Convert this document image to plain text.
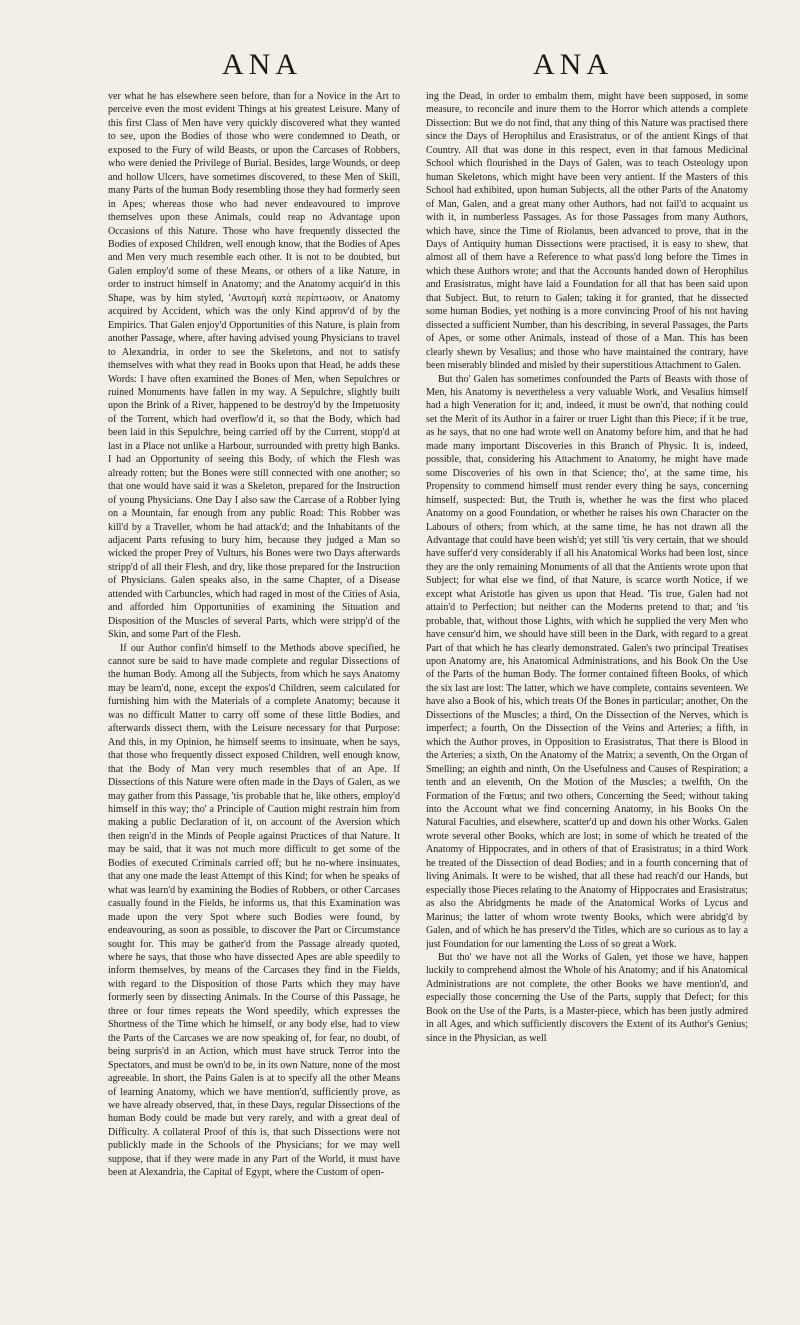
ANA	ANA

ver what he has elsewhere seen before, than for a Novice in the Art to perceive even the most evident Things at his greatest Leisure. Many of this first Class of Men have very quickly discovered what they wanted to see, upon the Bodies of those who were condemned to Death, or exposed to the Fury of wild Beasts, or upon the Carcases of Robbers, who were denied the Privilege of Burial. Besides, large Wounds, or deep and hollow Ulcers, have sometimes discovered, to these Men of Skill, many Parts of the human Body resembling those they had formerly seen in Apes; whereas those who had never endeavoured to improve themselves upon these Animals, could reap no Advantage upon Occasions of this Nature. Those who have frequently dissected the Bodies of exposed Children, well enough know, that the Bodies of Apes and Men very much resemble each other. It is not to be doubted, but Galen employ'd some of these Means, or others of a like Nature, in order to instruct himself in Anatomy; and the Anatomy acquir'd in this Shape, was by him styled, 'Ανατομὴ κατὰ περίπτωσιν, or Anatomy acquired by Accident, which was the only Kind approv'd of by the Empirics. That Galen enjoy'd Opportunities of this Nature, is plain from another Passage, where, after having advised young Physicians to travel to Alexandria, in order to see the Skeletons, and not to satisfy themselves with what they read in Books upon that Head, he adds these Words: I have often examined the Bones of Men, when Sepulchres or ruined Monuments have fallen in my way. A Sepulchre, slightly built upon the Brink of a River, happened to be destroy'd by the Impetuosity of the Torrent, which had overflow'd it, so that the Body, which had been laid in this Sepulchre, being carried off by the Current, stopp'd at last in a Place not unlike a Harbour, surrounded with pretty high Banks. I had an Opportunity of seeing this Body, of which the Flesh was already rotten; but the Bones were still connected with one another; so that one would have said it was a Skeleton, prepared for the Instruction of young Physicians. One Day I also saw the Carcase of a Robber lying on a Mountain, far enough from any public Road: This Robber was kill'd by a Traveller, whom he had attack'd; and the Inhabitants of the adjacent Parts refusing to bury him, because they judged a Man so wicked the proper Prey of Vulturs, his Bones were two Days afterwards stripp'd of all their Flesh, and dry, like those prepared for the Instruction of Physicians. Galen speaks also, in the same Chapter, of a Disease attended with Carbuncles, which had raged in most of the Cities of Asia, and afforded him Opportunities of examining the Situation and Disposition of the Muscles of several Parts, which were stripp'd of the Skin, and some Part of the Flesh.

If our Author confin'd himself to the Methods above specified, he cannot sure be said to have made complete and regular Dissections of the human Body. Among all the Subjects, from which he says Anatomy may be learn'd, none, except the expos'd Children, seem calculated for furnishing him with the Materials of a complete Anatomy; because it was no difficult Matter to carry off some of these little Bodies, and afterwards dissect them, with the Leisure necessary for that Purpose: And this, in my Opinion, he himself seems to insinuate, when he says, that those who frequently dissect exposed Children, well enough know, that the Body of Man very much resembles that of an Ape. If Dissections of this Nature were often made in the Days of Galen, as we may gather from this Passage, 'tis probable that he, like others, employ'd himself in this way; tho' a Principle of Caution might restrain him from making a public Declaration of it, on account of the Aversion which then reign'd in the Minds of People against Practices of that Nature. It may be said, that it was not much more difficult to get some of the Bodies of executed Criminals carried off; but he no-where insinuates, that any one made the least Attempt of this Kind; for when he speaks of what was learn'd by examining the Bodies of Robbers, or other Carcases casually found in the Fields, he informs us, that this Examination was made upon the very Spot where such Bodies were found, by endeavouring, as soon as possible, to discover the Part or Circumstance sought for. This may be gather'd from the Passage already quoted, where he says, that those who have dissected Apes are able speedily to inform themselves, by means of the Carcases they find in the Fields, with regard to the Disposition of those Parts which they may have formerly seen by dissecting Animals. In the Course of this Passage, he three or four times repeats the Word speedily, which expresses the Shortness of the Time which he himself, or any body else, had to view the Parts of the Carcases we are now speaking of, for fear, no doubt, of being surpris'd in an Action, which must have struck Terror into the Spectators, and must be own'd to be, in its own Nature, none of the most agreeable. In short, the Pains Galen is at to specify all the other Means of learning Anatomy, which we have mention'd, sufficiently prove, as we have already observed, that, in these Days, regular Dissections of the human Body could be made but very rarely, and with a great deal of Difficulty. A collateral Proof of this is, that such Dissections were not publickly made in the Schools of the Physicians; for we may well suppose, that if they were made in any Part of the World, it must have been at Alexandria, the Capital of Egypt, where the Custom of open-

ing the Dead, in order to embalm them, might have been supposed, in some measure, to reconcile and inure them to the Horror which attends a complete Dissection: But we do not find, that any thing of this Nature was practised there since the Days of Herophilus and Erasistratus, or of the antient Kings of that Country. All that was done in this respect, even in that famous Medicinal School which flourished in the Days of Galen, was to teach Osteology upon human Skeletons, which might have been very antient. If the Masters of this School had exhibited, upon human Subjects, all the other Parts of the Anatomy of Man, Galen, and a great many other Authors, had not fail'd to acquaint us with it, in numberless Passages. As for those Passages from many Authors, which have, since the Time of Riolanus, been advanced to prove, that in the Days of Antiquity human Dissections were practised, it is easy to shew, that almost all of them have a Reference to what pass'd long before the Times in which these Authors wrote; and that the Accounts handed down of Herophilus and Erasistratus, might have laid a Foundation for all that has been said upon that Subject. But, to return to Galen; taking it for granted, that he dissected some human Bodies, yet nothing is a more convincing Proof of his not having dissected a sufficient Number, than his describing, in several Passages, the Parts of Apes, or some other Animals, instead of those of a Man. This has been clearly shewn by Vesalius; and those who have maintained the contrary, have been miserably blinded and misled by their superstitious Attachment to Galen.

But tho' Galen has sometimes confounded the Parts of Beasts with those of Men, his Anatomy is nevertheless a very valuable Work, and Vesalius himself had a high Veneration for it; and, indeed, it must be own'd, that nothing could set the Merit of its Author in a fairer or truer Light than this Piece; if it be true, as he says, that no one had wrote well on Anatomy before him, and that he had made many important Discoveries in this Branch of Physic. It is, indeed, possible, that, considering his Attachment to Anatomy, he might have made some Discoveries of his own in that Science; tho', at the same time, his Propensity to commend himself must render every thing he says, concerning himself, suspected: But, the Truth is, whether he was the first who placed Anatomy on a good Foundation, or whether he raises his own Character on the Labours of others; from which, at the same time, he has not drawn all the Advantage that could have been wish'd; yet still 'tis very certain, that we should have suffer'd very considerably if all his Anatomical Works had been lost, since they are the only remaining Monuments of all that the Antients wrote upon that Subject; for what else we find, of that Nature, is scarce worth Notice, if we except what Aristotle has given us upon that Head. 'Tis true, Galen had not attain'd to Perfection; but neither can the Moderns pretend to that; and 'tis probable, that, without those Lights, with which he supplied the very Men who have censur'd him, we should have still been in the Dark, with regard to a great Part of that which he has clearly demonstrated. Galen's two principal Treatises upon Anatomy are, his Anatomical Administrations, and his Book On the Use of the Parts of the human Body. The former contained fifteen Books, of which the six last are lost: The latter, which we have complete, contains seventeen. We have also a Book of his, which treats Of the Bones in particular; another, On the Dissections of the Muscles; a third, On the Dissection of the Nerves, which is imperfect; a fourth, On the Dissection of the Veins and Arteries; a fifth, in which the Author proves, in Opposition to Erasistratus, That there is Blood in the Arteries; a sixth, On the Anatomy of the Matrix; a seventh, On the Organ of Smelling; an eighth and ninth, On the Usefulness and Causes of Respiration; a tenth and an eleventh, On the Motion of the Muscles; a twelfth, On the Formation of the Fœtus; and two others, Concerning the Seed; without taking into the Account what we find concerning Anatomy, in his Books On the Natural Faculties, and elsewhere, scatter'd up and down his other Works. Galen wrote several other Books, which are lost; in some of which he treated of the Anatomy of Hippocrates, and in others of that of Erasistratus; in a third Work he treated of the Dissection of dead Bodies; and in a fourth concerning that of living Animals. It were to be wished, that all these had reach'd our Hands, but especially those Pieces relating to the Anatomy of Hippocrates and Erasistratus; as also the Abridgments he made of the Anatomical Works of Lycus and Marinus; the latter of whom wrote twenty Books, which were abridg'd by Galen, and of which he has preserv'd the Titles, which are so curious as to lay a just Foundation for our lamenting the Loss of so great a Work.

But tho' we have not all the Works of Galen, yet those we have, happen luckily to comprehend almost the Whole of his Anatomy; and if his Anatomical Administrations are not complete, the other Books we have mention'd, and especially those concerning the Use of the Parts, supply that Defect; for this Book on the Use of the Parts, is a Master-piece, which has been justly admired in all Ages, and which sufficiently discovers the Extent of its Author's Genius; since in the Physician, as well
